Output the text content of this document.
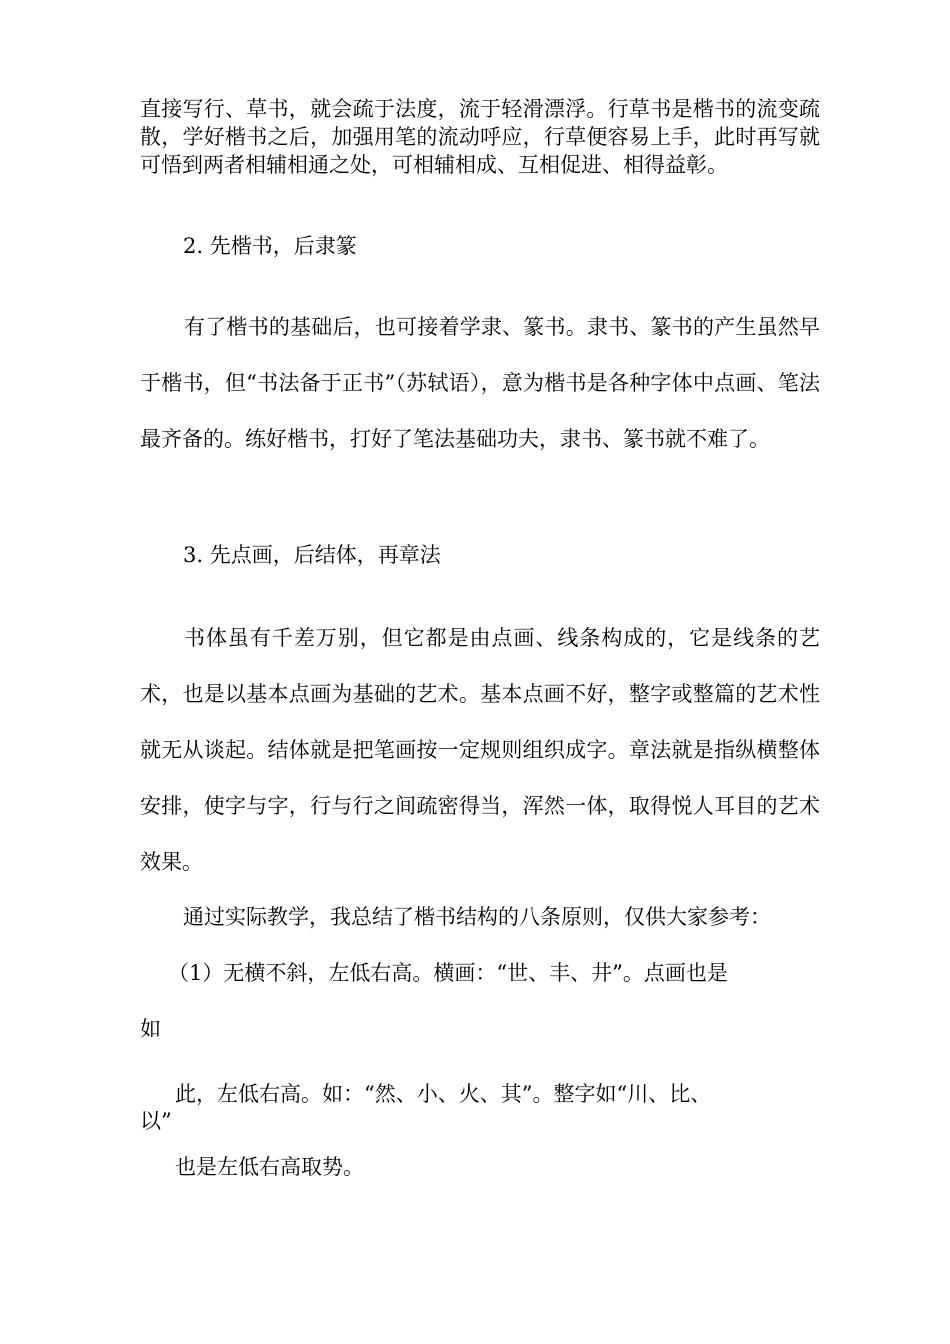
直接写行、草书，就会疏于法度，流于轻滑漂浮。行草书是楷书的流变疏散，学好楷书之后，加强用笔的流动呼应，行草便容易上手，此时再写就可悟到两者相辅相通之处，可相辅相成、互相促进、相得益彰。

2. 先楷书，后隶篆

有了楷书的基础后，也可接着学隶、篆书。隶书、篆书的产生虽然早于楷书，但“书法备于正书”（苏轼语），意为楷书是各种字体中点画、笔法最齐备的。练好楷书，打好了笔法基础功夫，隶书、篆书就不难了。

3. 先点画，后结体，再章法

书体虽有千差万别，但它都是由点画、线条构成的，它是线条的艺术，也是以基本点画为基础的艺术。基本点画不好，整字或整篇的艺术性就无从谈起。结体就是把笔画按一定规则组织成字。章法就是指纵横整体安排，使字与字，行与行之间疏密得当，浑然一体，取得悦人耳目的艺术效果。

通过实际教学，我总结了楷书结构的八条原则，仅供大家参考：

（1）无横不斜，左低右高。横画：“世、丰、井”。点画也是

如

此，左低右高。如：“然、小、火、其”。整字如“川、比、

以”

也是左低右高取势。
